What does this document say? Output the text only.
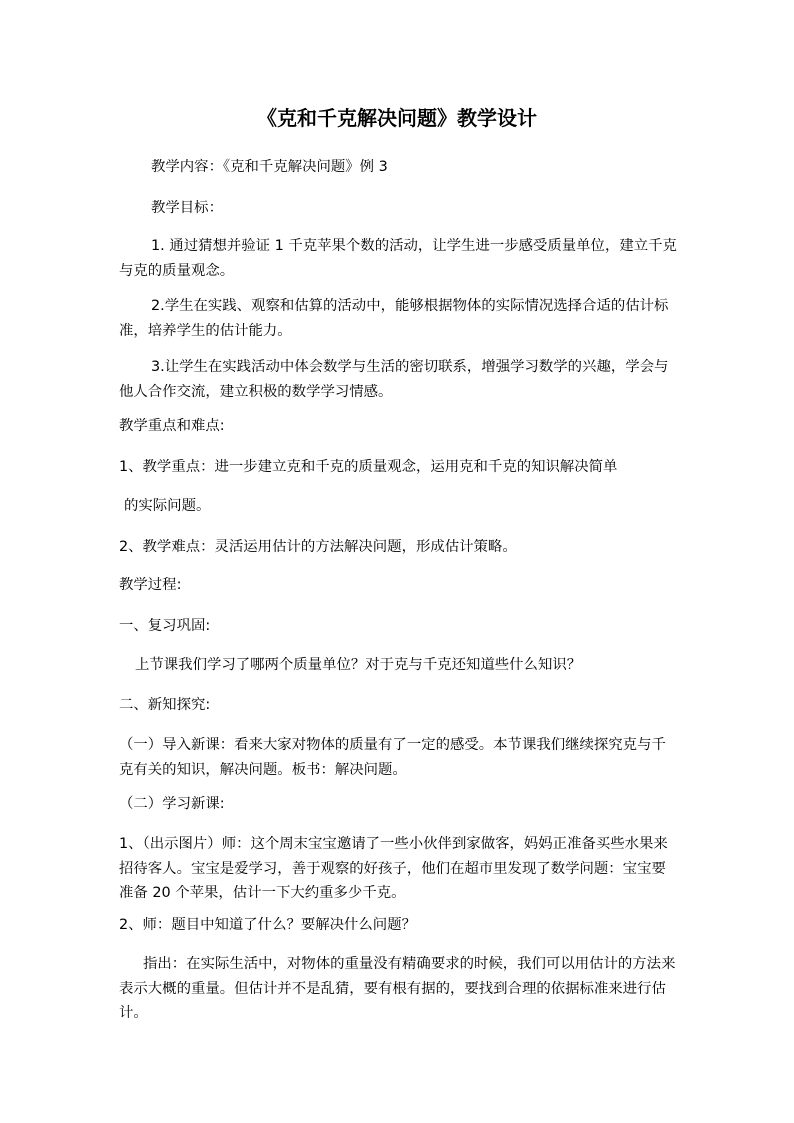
《克和千克解决问题》教学设计

教学内容：《克和千克解决问题》例 3

教学目标：

1. 通过猜想并验证 1 千克苹果个数的活动，让学生进一步感受质量单位，建立千克与克的质量观念。

2.学生在实践、观察和估算的活动中，能够根据物体的实际情况选择合适的估计标准，培养学生的估计能力。

3.让学生在实践活动中体会数学与生活的密切联系，增强学习数学的兴趣，学会与他人合作交流，建立积极的数学学习情感。

教学重点和难点:

1、教学重点：进一步建立克和千克的质量观念，运用克和千克的知识解决简单

的实际问题。

2、教学难点：灵活运用估计的方法解决问题，形成估计策略。

教学过程:

一、复习巩固:

上节课我们学习了哪两个质量单位？对于克与千克还知道些什么知识？

二、新知探究:

（一）导入新课：看来大家对物体的质量有了一定的感受。本节课我们继续探究克与千克有关的知识，解决问题。板书：解决问题。

（二）学习新课:

1、（出示图片）师：这个周末宝宝邀请了一些小伙伴到家做客，妈妈正准备买些水果来招待客人。宝宝是爱学习，善于观察的好孩子，他们在超市里发现了数学问题：宝宝要准备 20 个苹果，估计一下大约重多少千克。

2、师：题目中知道了什么？要解决什么问题？

指出：在实际生活中，对物体的重量没有精确要求的时候，我们可以用估计的方法来表示大概的重量。但估计并不是乱猜，要有根有据的，要找到合理的依据标准来进行估计。
